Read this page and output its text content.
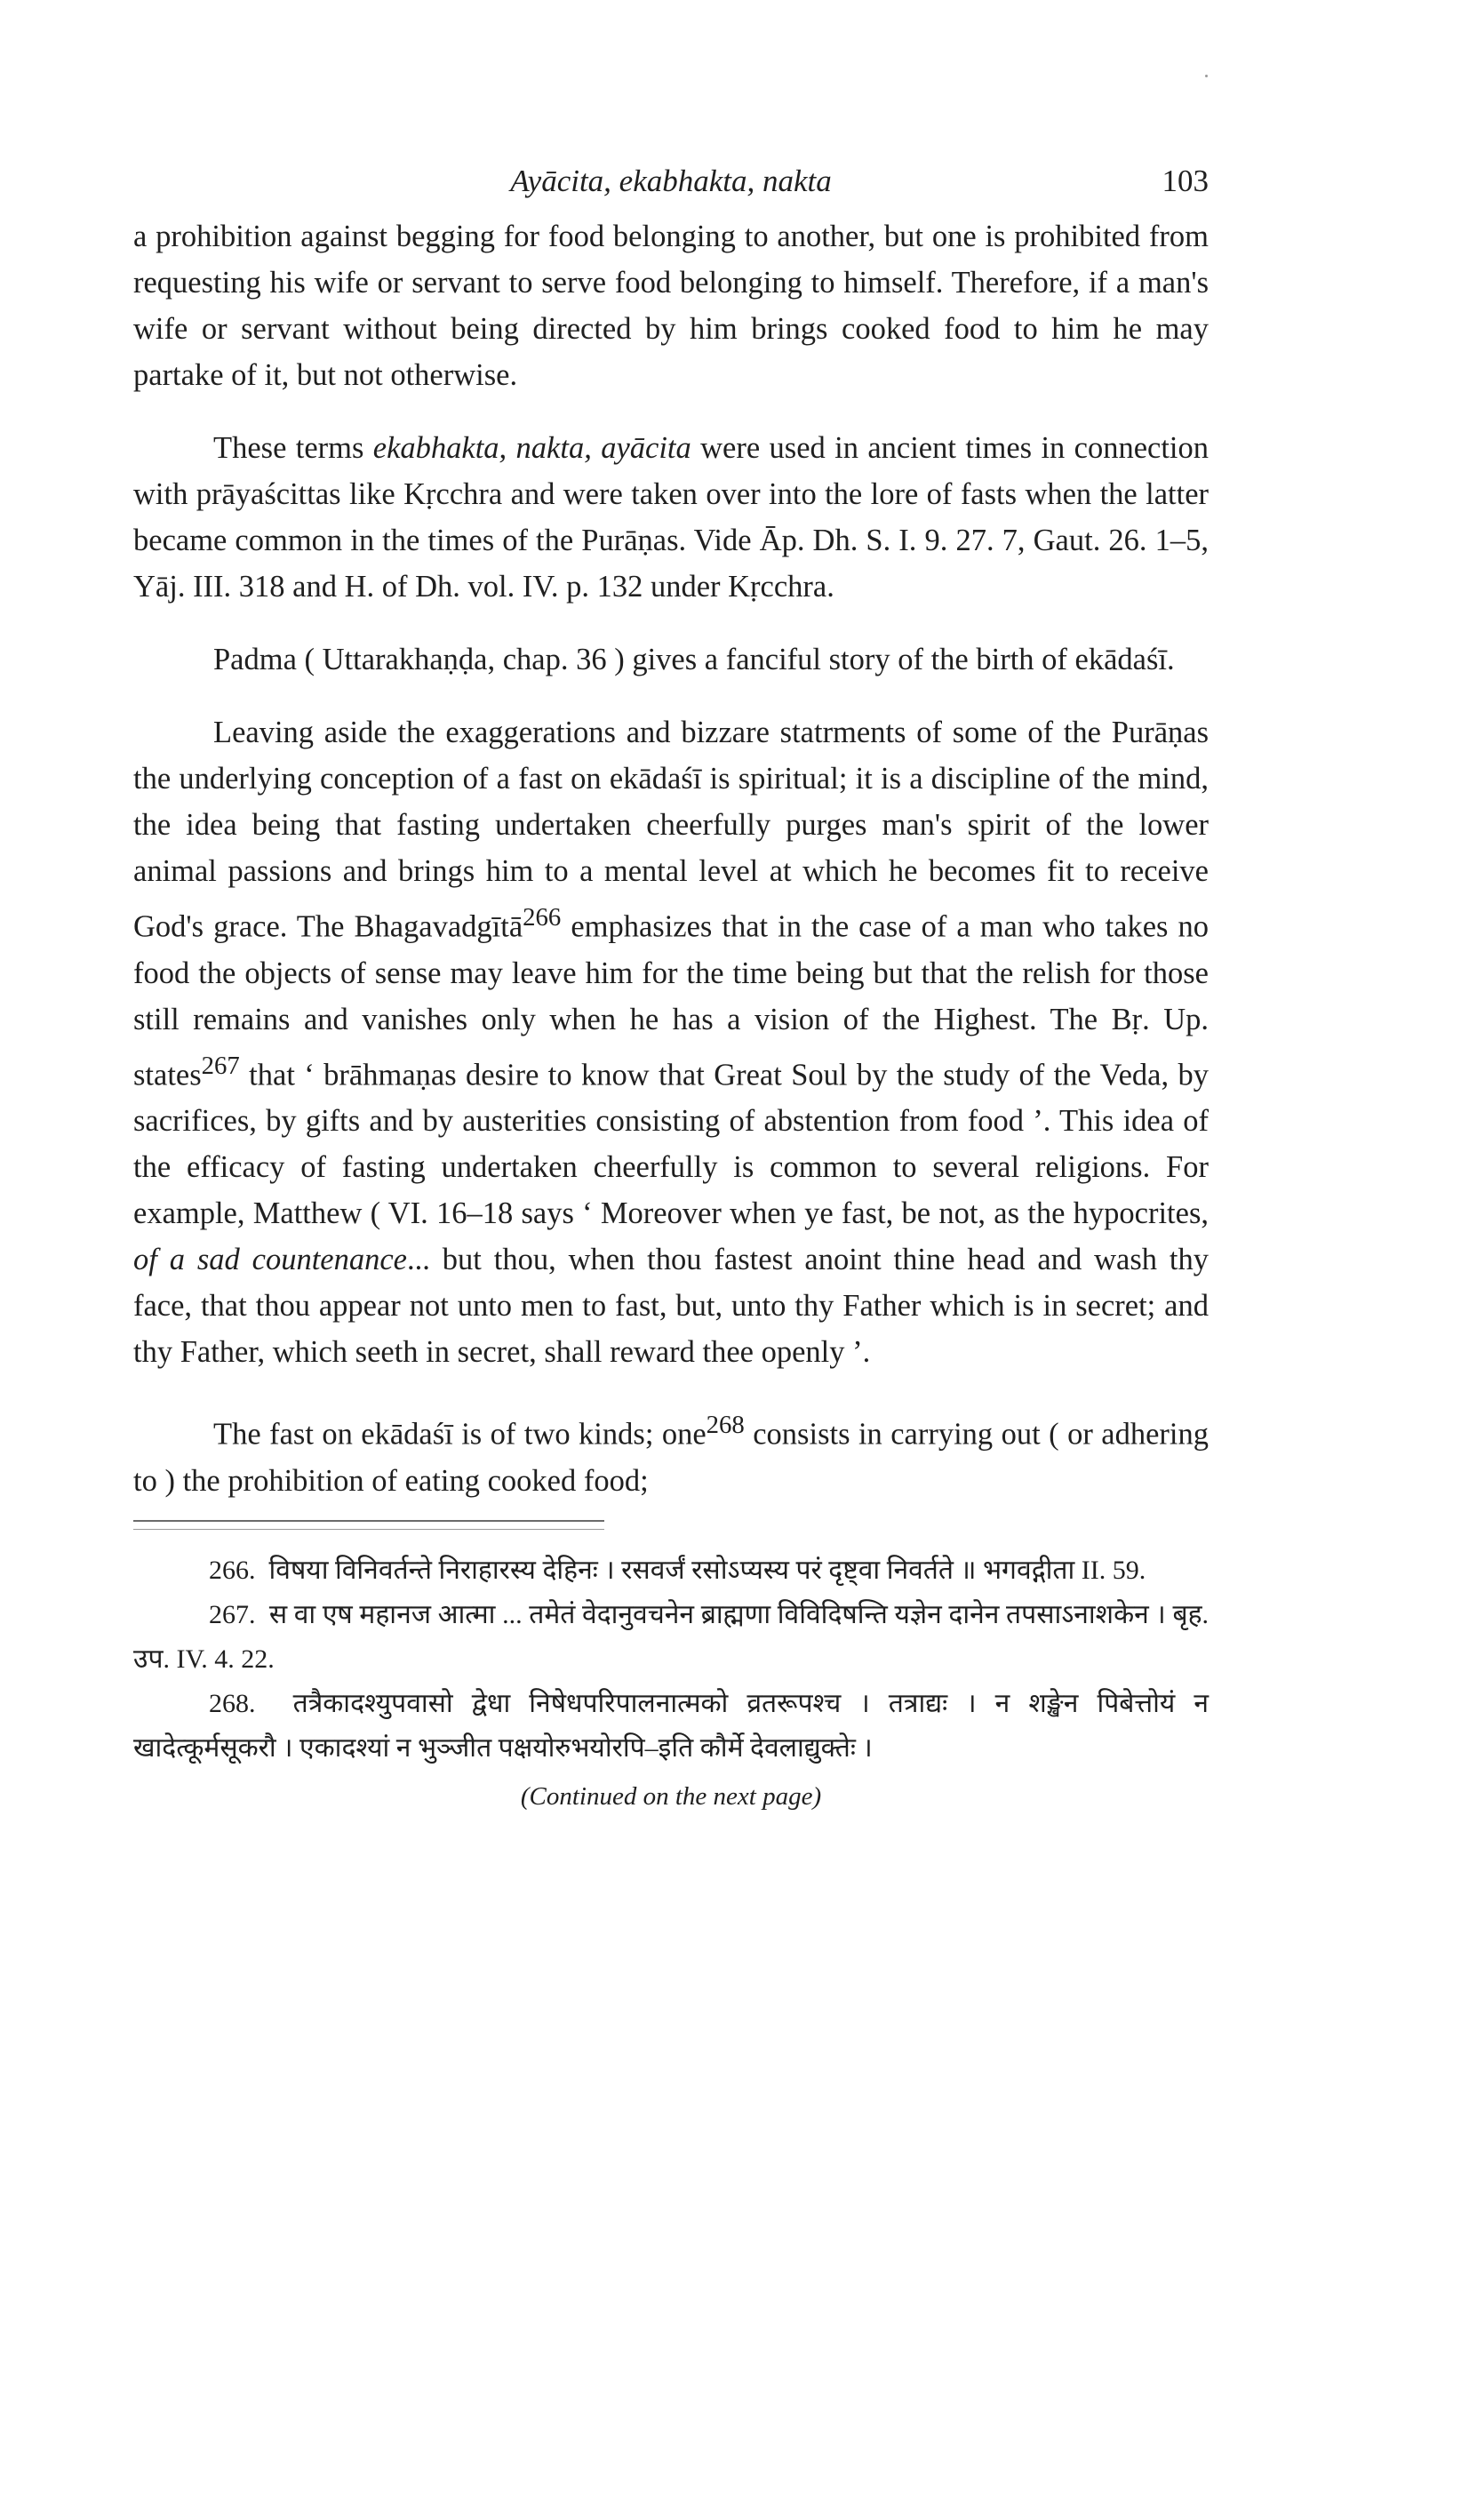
Ayācita, ekabhakta, nakta	103

a prohibition against begging for food belonging to another, but one is prohibited from requesting his wife or servant to serve food belonging to himself. Therefore, if a man's wife or servant without being directed by him brings cooked food to him he may partake of it, but not otherwise.

These terms ekabhakta, nakta, ayācita were used in ancient times in connection with prāyaścittas like Kṛcchra and were taken over into the lore of fasts when the latter became common in the times of the Purāṇas. Vide Āp. Dh. S. I. 9. 27. 7, Gaut. 26. 1–5, Yāj. III. 318 and H. of Dh. vol. IV. p. 132 under Kṛcchra.

Padma ( Uttarakhaṇḍa, chap. 36 ) gives a fanciful story of the birth of ekādaśī.

Leaving aside the exaggerations and bizzare statrments of some of the Purāṇas the underlying conception of a fast on ekādaśī is spiritual; it is a discipline of the mind, the idea being that fasting undertaken cheerfully purges man's spirit of the lower animal passions and brings him to a mental level at which he becomes fit to receive God's grace. The Bhagavadgītā$^{266}$ emphasizes that in the case of a man who takes no food the objects of sense may leave him for the time being but that the relish for those still remains and vanishes only when he has a vision of the Highest. The Bṛ. Up. states$^{267}$ that ‘ brāhmaṇas desire to know that Great Soul by the study of the Veda, by sacrifices, by gifts and by austerities consisting of abstention from food ’. This idea of the efficacy of fasting undertaken cheerfully is common to several religions. For example, Matthew ( VI. 16–18 says ‘ Moreover when ye fast, be not, as the hypocrites, of a sad countenance... but thou, when thou fastest anoint thine head and wash thy face, that thou appear not unto men to fast, but, unto thy Father which is in secret; and thy Father, which seeth in secret, shall reward thee openly ’.

The fast on ekādaśī is of two kinds; one$^{268}$ consists in carrying out ( or adhering to ) the prohibition of eating cooked food;

266. विषया विनिवर्तन्ते निराहारस्य देहिनः । रसवर्जं रसोऽप्यस्य परं दृष्ट्वा निवर्तते ॥ भगवद्गीता II. 59.

267. स वा एष महानज आत्मा ... तमेतं वेदानुवचनेन ब्राह्मणा विविदिषन्ति यज्ञेन दानेन तपसाऽनाशकेन । बृह. उप. IV. 4. 22.

268. तत्रैकादश्युपवासो द्वेधा निषेधपरिपालनात्मको व्रतरूपश्च । तत्राद्यः । न शङ्खेन पिबेत्तोयं न खादेत्कूर्मसूकरौ । एकादश्यां न भुञ्जीत पक्षयोरुभयोरपि–इति कौर्मे देवलाद्युक्तेः ।

(Continued on the next page)
